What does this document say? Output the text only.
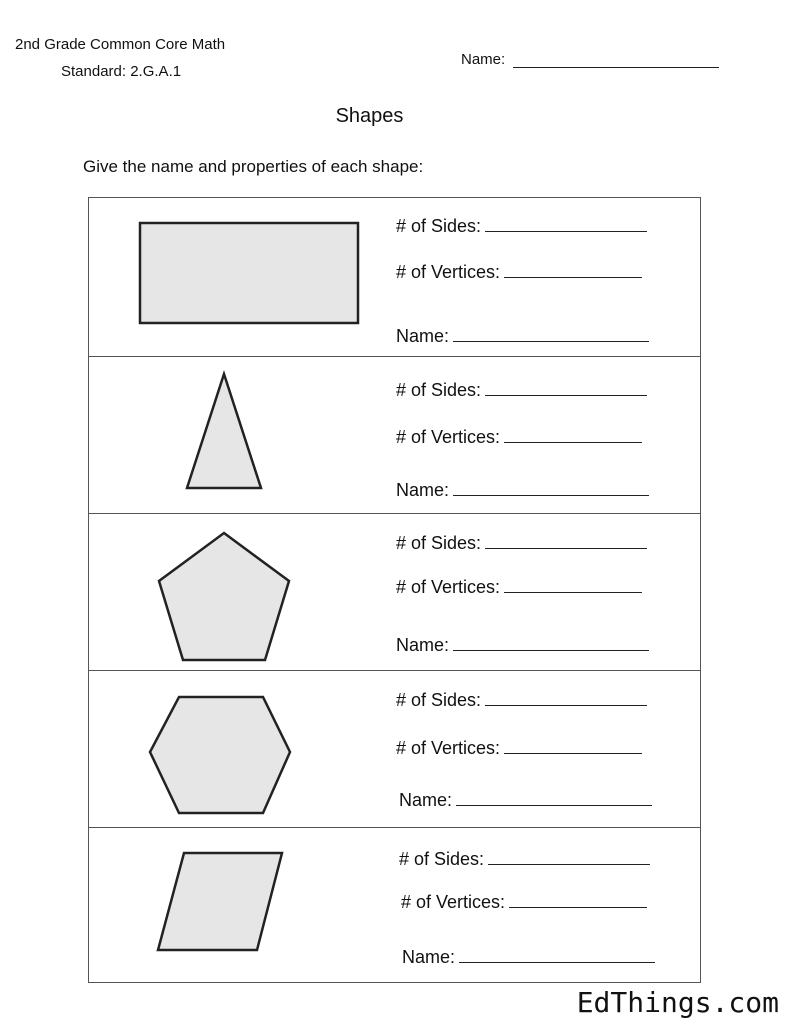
2nd Grade Common Core Math
Standard: 2.G.A.1
Name:
Shapes
Give the name and properties of each shape:
# of Sides:
# of Vertices:
Name:
# of Sides:
# of Vertices:
Name:
# of Sides:
# of Vertices:
Name:
# of Sides:
# of Vertices:
Name:
# of Sides:
# of Vertices:
Name:
EdThings.com
